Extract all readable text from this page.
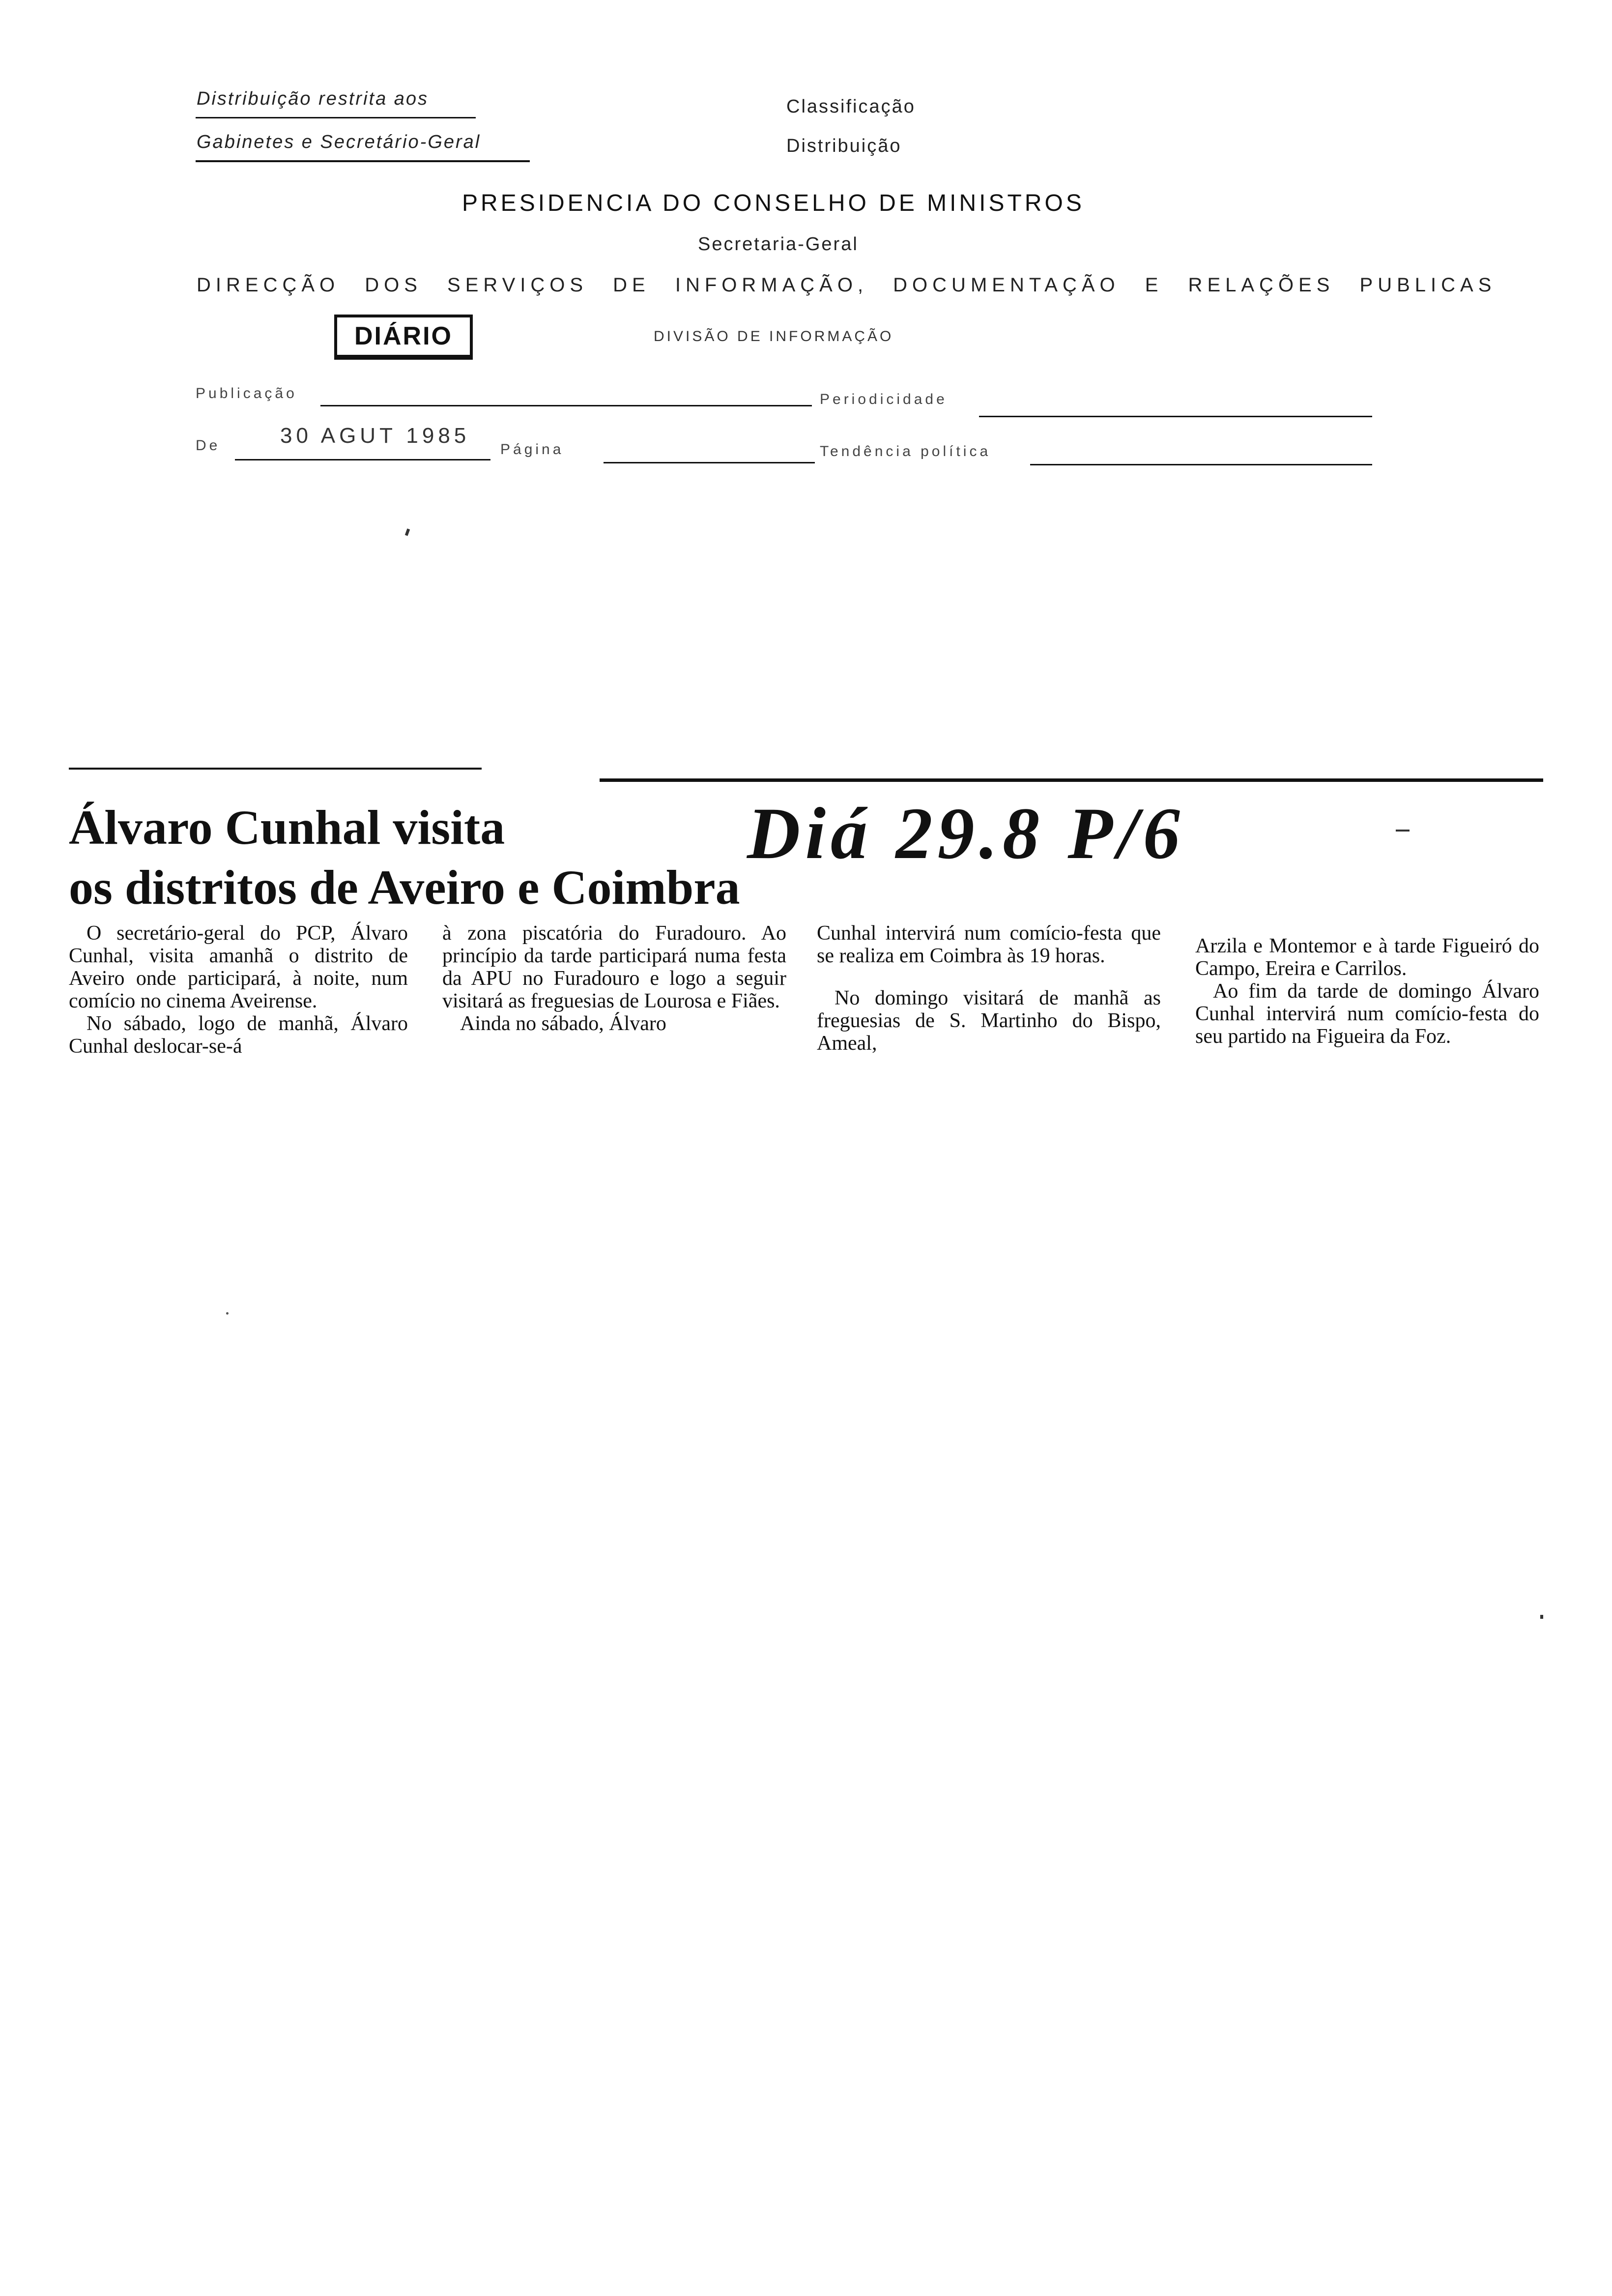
Distribuição restrita aos
Gabinetes e Secretário-Geral
Classificação
Distribuição
PRESIDENCIA DO CONSELHO DE MINISTROS
Secretaria-Geral
DIRECÇÃO DOS SERVIÇOS DE INFORMAÇÃO, DOCUMENTAÇÃO E RELAÇÕES PUBLICAS
DIÁRIO	DIVISÃO DE INFORMAÇÃO
Publicação	Periodicidade
De	30 AGUT 1985
Página	Tendência política
Álvaro Cunhal visita
os distritos de Aveiro e Coimbra
Diá 29.8 P/6

O secretário-geral do PCP, Álvaro Cunhal, visita amanhã o distrito de Aveiro onde participará, à noite, num comício no cinema Aveirense.

No sábado, logo de manhã, Álvaro Cunhal deslocar-se-á

à zona piscatória do Furadouro. Ao princípio da tarde participará numa festa da APU no Furadouro e logo a seguir visitará as freguesias de Lourosa e Fiães.

Ainda no sábado, Álvaro

Cunhal intervirá num comício-festa que se realiza em Coimbra às 19 horas.

No domingo visitará de manhã as freguesias de S. Martinho do Bispo, Ameal,

Arzila e Montemor e à tarde Figueiró do Campo, Ereira e Carrilos.

Ao fim da tarde de domingo Álvaro Cunhal intervirá num comício-festa do seu partido na Figueira da Foz.
